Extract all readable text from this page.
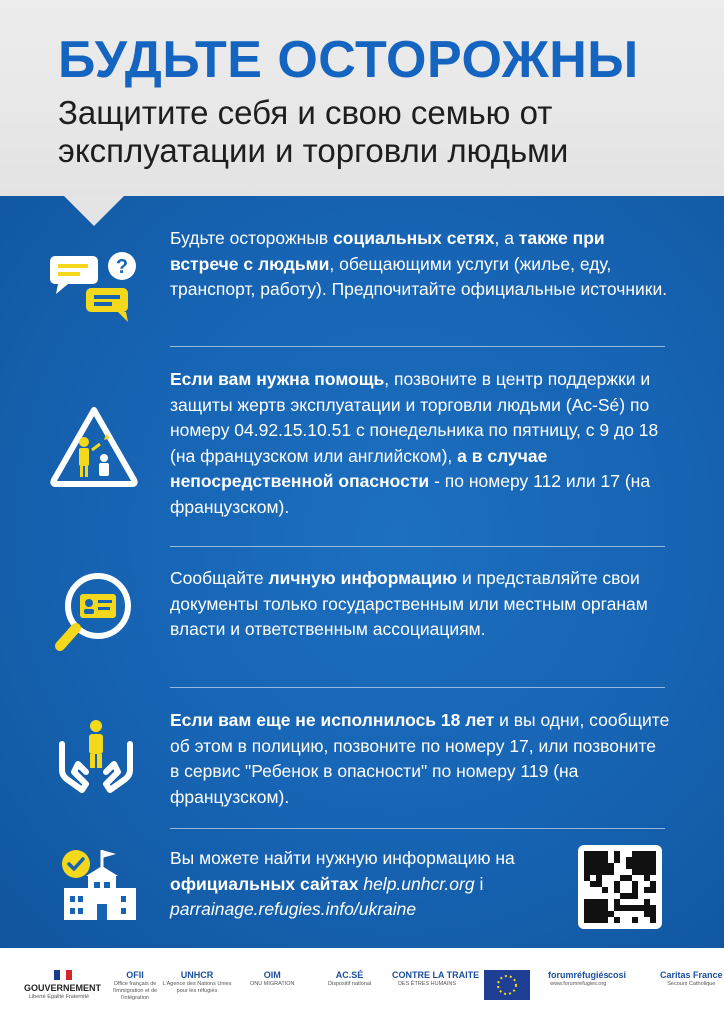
БУДЬТЕ ОСТОРОЖНЫ
Защитите себя и свою семью от
эксплуатации и торговли людьми
?
Будьте осторожныв социальных сетях, а также при встрече с людьми, обещающими услуги (жилье, еду, транспорт, работу). Предпочитайте официальные источники.
Если вам нужна помощь, позвоните в центр поддержки и защиты жертв эксплуатации и торговли людьми (Ac-Sé) по номеру 04.92.15.10.51 с понедельника по пятницу, с 9 до 18 (на французском или английском), а в случае непосредственной опасности - по номеру 112 или 17 (на французском).
Сообщайте личную информацию и представляйте свои документы только государственным или местным органам власти и ответственным ассоциациям.
Если вам еще не исполнилось 18 лет и вы одни, сообщите об этом в полицию, позвоните по номеру 17, или позвоните в сервис "Ребенок в опасности" по номеру 119 (на французском).
Вы можете найти нужную информацию на официальных сайтах help.unhcr.org і parrainage.refugies.info/ukraine
GOUVERNEMENT
Liberté Égalité Fraternité
OFII
Office français de l'immigration et de l'intégration
UNHCR
L'Agence des Nations Unies pour les réfugiés
OIM
ONU MIGRATION
AC.SÉ
Dispositif national
CONTRE LA TRAITE
DES ÊTRES HUMAINS
forumréfugiés
www.forumrefugies.org
cosi	Caritas France
Secours Catholique
